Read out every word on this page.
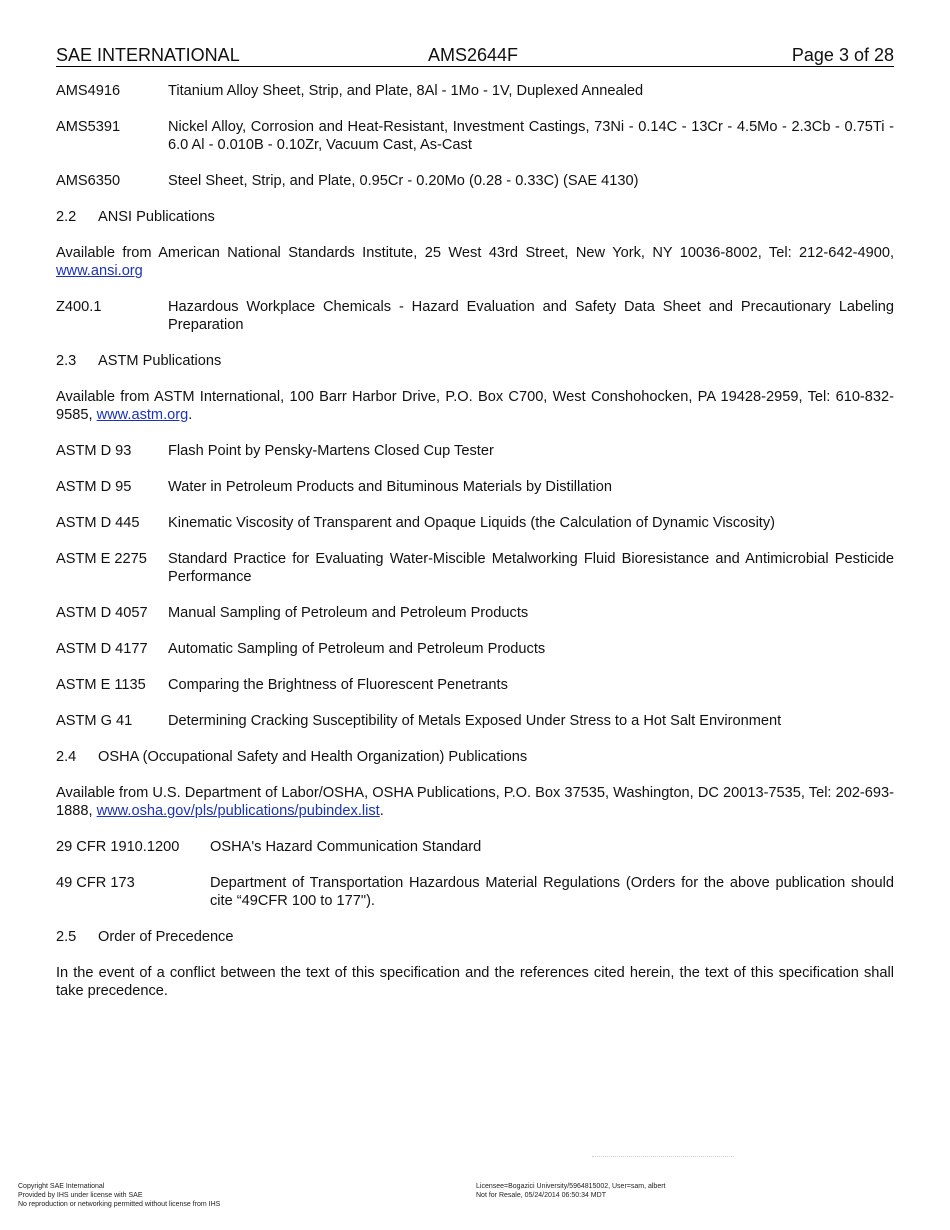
SAE INTERNATIONAL	AMS2644F	Page 3 of 28
AMS4916	Titanium Alloy Sheet, Strip, and Plate, 8Al - 1Mo - 1V, Duplexed Annealed
AMS5391	Nickel Alloy, Corrosion and Heat-Resistant, Investment Castings, 73Ni - 0.14C - 13Cr - 4.5Mo - 2.3Cb - 0.75Ti - 6.0 Al - 0.010B - 0.10Zr, Vacuum Cast, As-Cast
AMS6350	Steel Sheet, Strip, and Plate, 0.95Cr - 0.20Mo (0.28 - 0.33C) (SAE 4130)
2.2 ANSI Publications
Available from American National Standards Institute, 25 West 43rd Street, New York, NY 10036-8002, Tel: 212-642-4900, www.ansi.org
Z400.1	Hazardous Workplace Chemicals - Hazard Evaluation and Safety Data Sheet and Precautionary Labeling Preparation
2.3 ASTM Publications
Available from ASTM International, 100 Barr Harbor Drive, P.O. Box C700, West Conshohocken, PA 19428-2959, Tel: 610-832-9585, www.astm.org.
ASTM D 93	Flash Point by Pensky-Martens Closed Cup Tester
ASTM D 95	Water in Petroleum Products and Bituminous Materials by Distillation
ASTM D 445	Kinematic Viscosity of Transparent and Opaque Liquids (the Calculation of Dynamic Viscosity)
ASTM E 2275	Standard Practice for Evaluating Water-Miscible Metalworking Fluid Bioresistance and Antimicrobial Pesticide Performance
ASTM D 4057	Manual Sampling of Petroleum and Petroleum Products
ASTM D 4177	Automatic Sampling of Petroleum and Petroleum Products
ASTM E 1135	Comparing the Brightness of Fluorescent Penetrants
ASTM G 41	Determining Cracking Susceptibility of Metals Exposed Under Stress to a Hot Salt Environment
2.4 OSHA (Occupational Safety and Health Organization) Publications
Available from U.S. Department of Labor/OSHA, OSHA Publications, P.O. Box 37535, Washington, DC 20013-7535, Tel: 202-693-1888, www.osha.gov/pls/publications/pubindex.list.
29 CFR 1910.1200	OSHA's Hazard Communication Standard
49 CFR 173	Department of Transportation Hazardous Material Regulations (Orders for the above publication should cite “49CFR 100 to 177").
2.5 Order of Precedence
In the event of a conflict between the text of this specification and the references cited herein, the text of this specification shall take precedence.
Copyright SAE International
Provided by IHS under license with SAE
No reproduction or networking permitted without license from IHS
Licensee=Bogazici University/5964815002, User=sam, albert
Not for Resale, 05/24/2014 06:50:34 MDT
